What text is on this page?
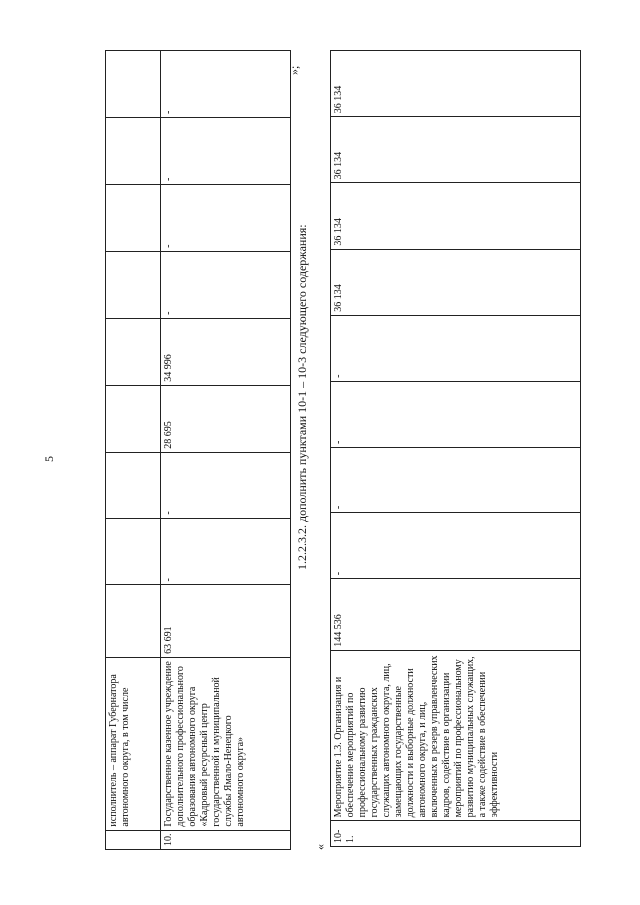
5
	исполнитель – аппарат Губернатора автономного округа, в том числе									
10.	Государственное казенное учреждение дополнительного профессионального образования автономного округа «Кадровый ресурсный центр государственной и муниципальной службы Ямало-Ненецкого автономного округа»	63 691	-	-	28 695	34 996	-	-	-	-
»;
1.2.2.3.2. дополнить пунктами 10-1 – 10-3 следующего содержания:
«
10-1.	Мероприятие 1.3. Организация и обеспечение мероприятий по профессиональному развитию государственных гражданских служащих автономного округа, лиц, замещающих государственные должности и выборные должности автономного округа, и лиц, включенных в резерв управленческих кадров, содействие в организации мероприятий по профессиональному развитию муниципальных служащих, а также содействие в обеспечении эффективности	144 536	-	-	-	-	36 134	36 134	36 134	36 134
